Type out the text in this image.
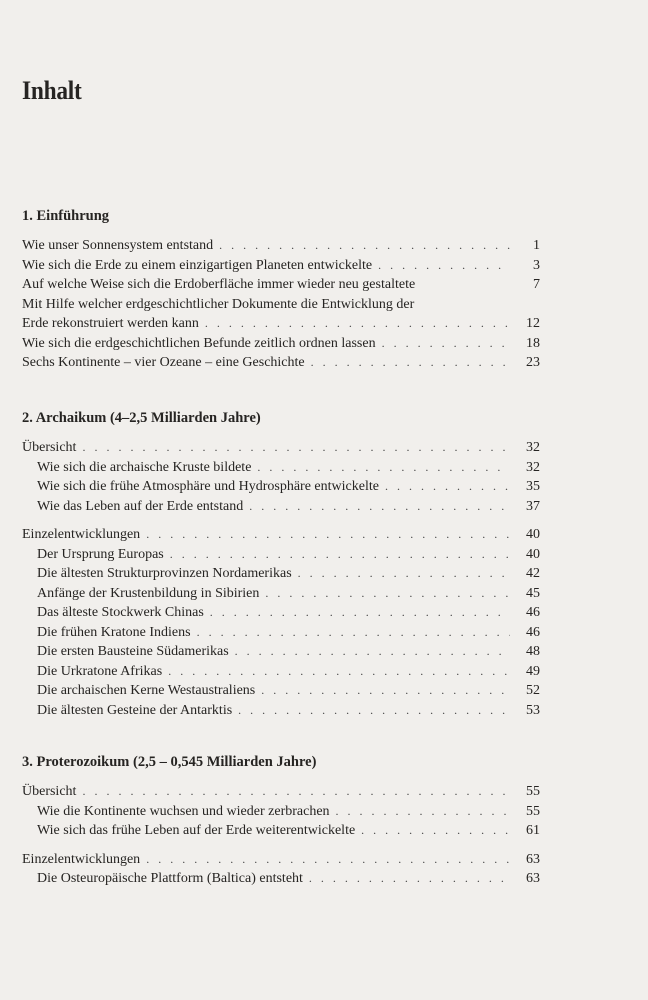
Inhalt
1. Einführung
Wie unser Sonnensystem entstand . . .	1
Wie sich die Erde zu einem einzigartigen Planeten entwickelte . . .	3
Auf welche Weise sich die Erdoberfläche immer wieder neu gestaltete	7
Mit Hilfe welcher erdgeschichtlicher Dokumente die Entwicklung der
Erde rekonstruiert werden kann . . .	12
Wie sich die erdgeschichtlichen Befunde zeitlich ordnen lassen . . .	18
Sechs Kontinente – vier Ozeane – eine Geschichte . . .	23
2. Archaikum (4–2,5 Milliarden Jahre)
Übersicht . . .	32
Wie sich die archaische Kruste bildete . . .	32
Wie sich die frühe Atmosphäre und Hydrosphäre entwickelte . . .	35
Wie das Leben auf der Erde entstand . . .	37
Einzelentwicklungen . . .	40
Der Ursprung Europas . . .	40
Die ältesten Strukturprovinzen Nordamerikas . . .	42
Anfänge der Krustenbildung in Sibirien . . .	45
Das älteste Stockwerk Chinas . . .	46
Die frühen Kratone Indiens . . .	46
Die ersten Bausteine Südamerikas . . .	48
Die Urkratone Afrikas . . .	49
Die archaischen Kerne Westaustraliens . . .	52
Die ältesten Gesteine der Antarktis . . .	53
3. Proterozoikum (2,5 – 0,545 Milliarden Jahre)
Übersicht . . .	55
Wie die Kontinente wuchsen und wieder zerbrachen . . .	55
Wie sich das frühe Leben auf der Erde weiterentwickelte . . .	61
Einzelentwicklungen . . .	63
Die Osteuropäische Plattform (Baltica) entsteht . . .	63
